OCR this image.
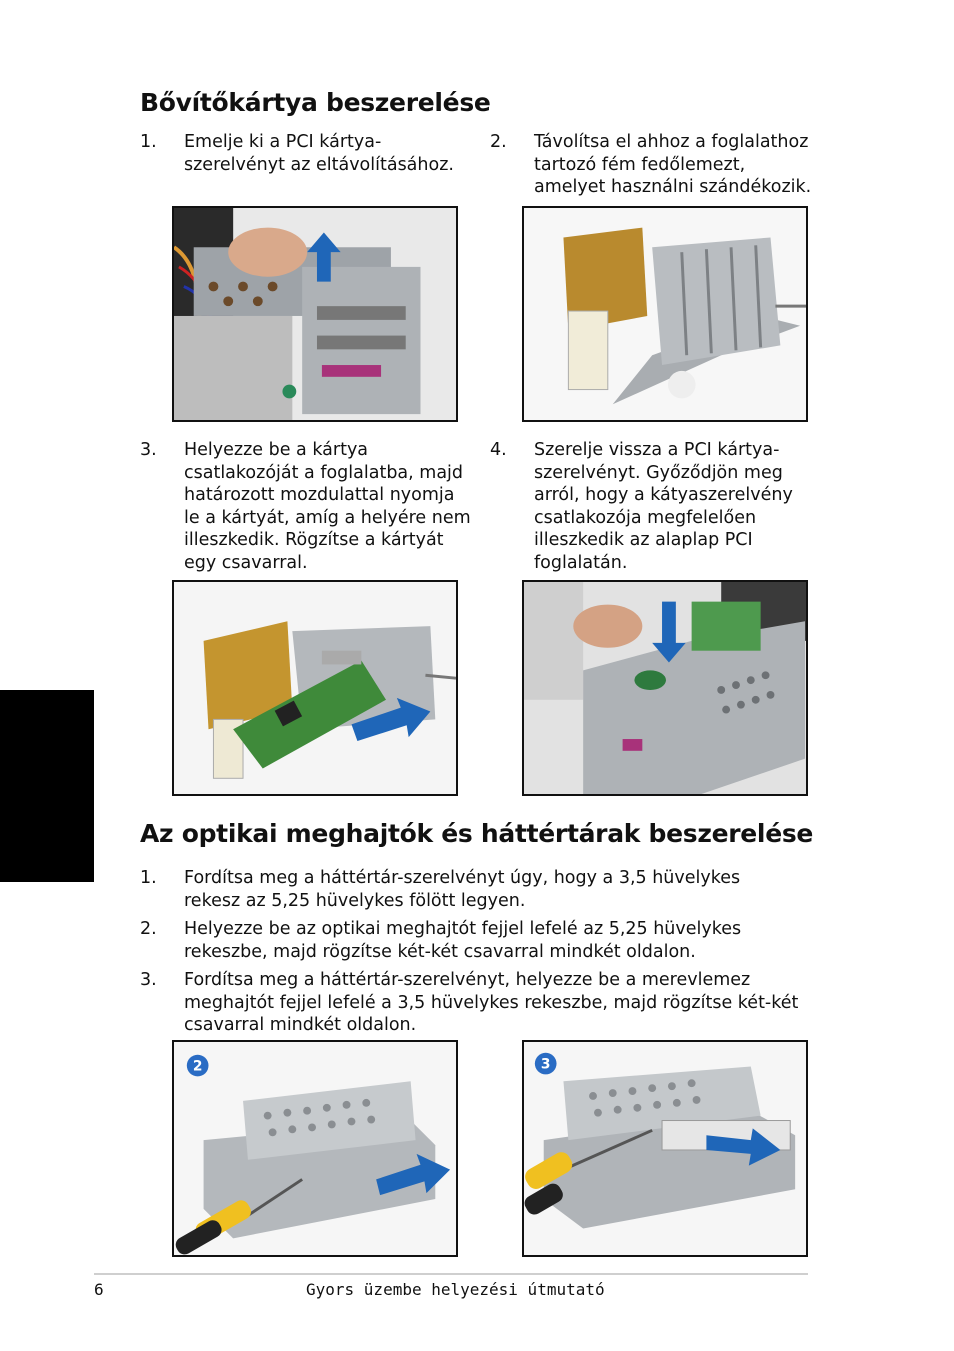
Bővítőkártya beszerelése
1. Emelje ki a PCI kártya-
szerelvényt az eltávolításához.
2. Távolítsa el ahhoz a foglalathoz
tartozó fém fedőlemezt,
amelyet használni szándékozik.
3. Helyezze be a kártya
csatlakozóját a foglalatba, majd
határozott mozdulattal nyomja
le a kártyát, amíg a helyére nem
illeszkedik. Rögzítse a kártyát
egy csavarral.
4. Szerelje vissza a PCI kártya-
szerelvényt. Győződjön meg
arról, hogy a kátyaszerelvény
csatlakozója megfelelően
illeszkedik az alaplap PCI
foglalatán.
Az optikai meghajtók és háttértárak beszerelése
1. Fordítsa meg a háttértár-szerelvényt úgy, hogy a 3,5 hüvelykes
rekesz az 5,25 hüvelykes fölött legyen.
2. Helyezze be az optikai meghajtót fejjel lefelé az 5,25 hüvelykes
rekeszbe, majd rögzítse két-két csavarral mindkét oldalon.
3. Fordítsa meg a háttértár-szerelvényt, helyezze be a merevlemez
meghajtót fejjel lefelé a 3,5 hüvelykes rekeszbe, majd rögzítse két-két
csavarral mindkét oldalon.
2	3
6	Gyors üzembe helyezési útmutató
